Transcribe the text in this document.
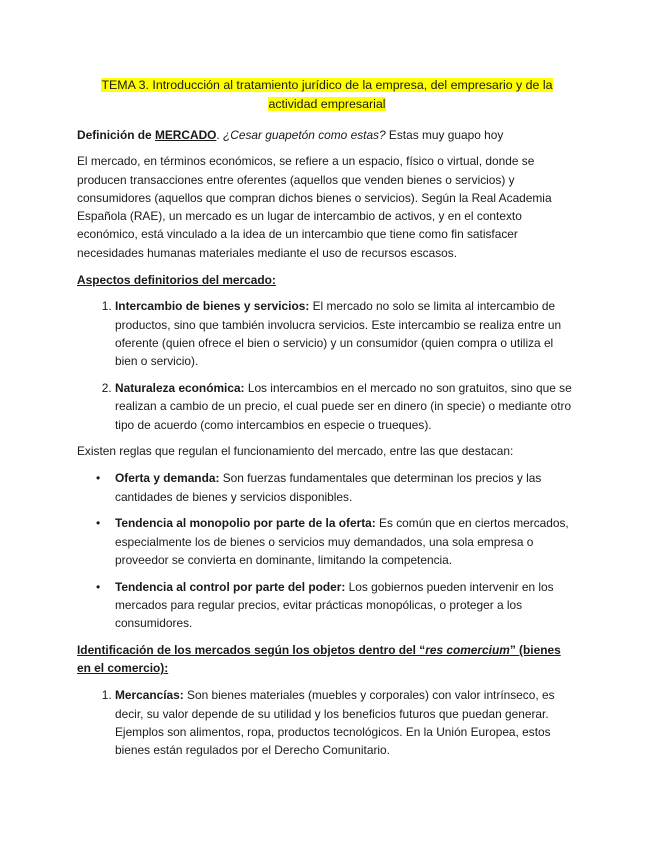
TEMA 3. Introducción al tratamiento jurídico de la empresa, del empresario y de la actividad empresarial

Definición de MERCADO. ¿Cesar guapetón como estas? Estas muy guapo hoy

El mercado, en términos económicos, se refiere a un espacio, físico o virtual, donde se producen transacciones entre oferentes (aquellos que venden bienes o servicios) y consumidores (aquellos que compran dichos bienes o servicios). Según la Real Academia Española (RAE), un mercado es un lugar de intercambio de activos, y en el contexto económico, está vinculado a la idea de un intercambio que tiene como fin satisfacer necesidades humanas materiales mediante el uso de recursos escasos.

Aspectos definitorios del mercado:

1. Intercambio de bienes y servicios: El mercado no solo se limita al intercambio de productos, sino que también involucra servicios. Este intercambio se realiza entre un oferente (quien ofrece el bien o servicio) y un consumidor (quien compra o utiliza el bien o servicio).
2. Naturaleza económica: Los intercambios en el mercado no son gratuitos, sino que se realizan a cambio de un precio, el cual puede ser en dinero (in specie) o mediante otro tipo de acuerdo (como intercambios en especie o trueques).

Existen reglas que regulan el funcionamiento del mercado, entre las que destacan:

• Oferta y demanda: Son fuerzas fundamentales que determinan los precios y las cantidades de bienes y servicios disponibles.
• Tendencia al monopolio por parte de la oferta: Es común que en ciertos mercados, especialmente los de bienes o servicios muy demandados, una sola empresa o proveedor se convierta en dominante, limitando la competencia.
• Tendencia al control por parte del poder: Los gobiernos pueden intervenir en los mercados para regular precios, evitar prácticas monopólicas, o proteger a los consumidores.

Identificación de los mercados según los objetos dentro del “res comercium” (bienes en el comercio):

1. Mercancías: Son bienes materiales (muebles y corporales) con valor intrínseco, es decir, su valor depende de su utilidad y los beneficios futuros que puedan generar. Ejemplos son alimentos, ropa, productos tecnológicos. En la Unión Europea, estos bienes están regulados por el Derecho Comunitario.
